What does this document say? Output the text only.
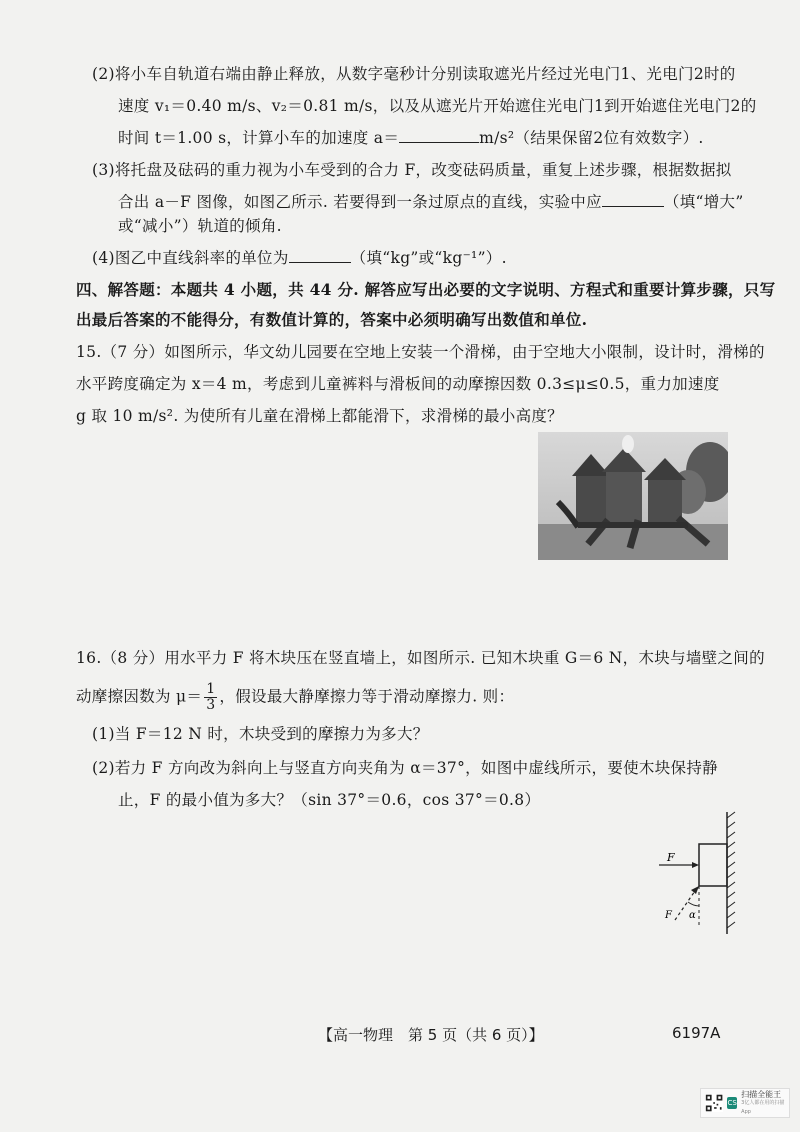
(2)将小车自轨道右端由静止释放，从数字毫秒计分别读取遮光片经过光电门1、光电门2时的
速度 v₁＝0.40 m/s、v₂＝0.81 m/s，以及从遮光片开始遮住光电门1到开始遮住光电门2的
时间 t＝1.00 s，计算小车的加速度 a＝	m/s²（结果保留2位有效数字）.
(3)将托盘及砝码的重力视为小车受到的合力 F，改变砝码质量，重复上述步骤，根据数据拟
合出 a－F 图像，如图乙所示. 若要得到一条过原点的直线，实验中应	（填“增大”
或“减小”）轨道的倾角.
(4)图乙中直线斜率的单位为	（填“kg”或“kg⁻¹”）.
四、解答题：本题共 4 小题，共 44 分. 解答应写出必要的文字说明、方程式和重要计算步骤，只写
出最后答案的不能得分，有数值计算的，答案中必须明确写出数值和单位.
15.（7 分）如图所示，华文幼儿园要在空地上安装一个滑梯，由于空地大小限制，设计时，滑梯的
水平跨度确定为 x＝4 m，考虑到儿童裤料与滑板间的动摩擦因数 0.3≤μ≤0.5，重力加速度
g 取 10 m/s². 为使所有儿童在滑梯上都能滑下，求滑梯的最小高度？
16.（8 分）用水平力 F 将木块压在竖直墙上，如图所示. 已知木块重 G＝6 N，木块与墙壁之间的
动摩擦因数为 $\mu= \frac{1}{3}$ ，假设最大静摩擦力等于滑动摩擦力. 则：
(1)当 F＝12 N 时，木块受到的摩擦力为多大？
(2)若力 F 方向改为斜向上与竖直方向夹角为 α＝37°，如图中虚线所示，要使木块保持静
止，F 的最小值为多大？（sin 37°＝0.6，cos 37°＝0.8）
F
F α
【高一物理　第 5 页（共 6 页）】	6197A
CS
扫描全能王
3亿人都在用的扫描App
